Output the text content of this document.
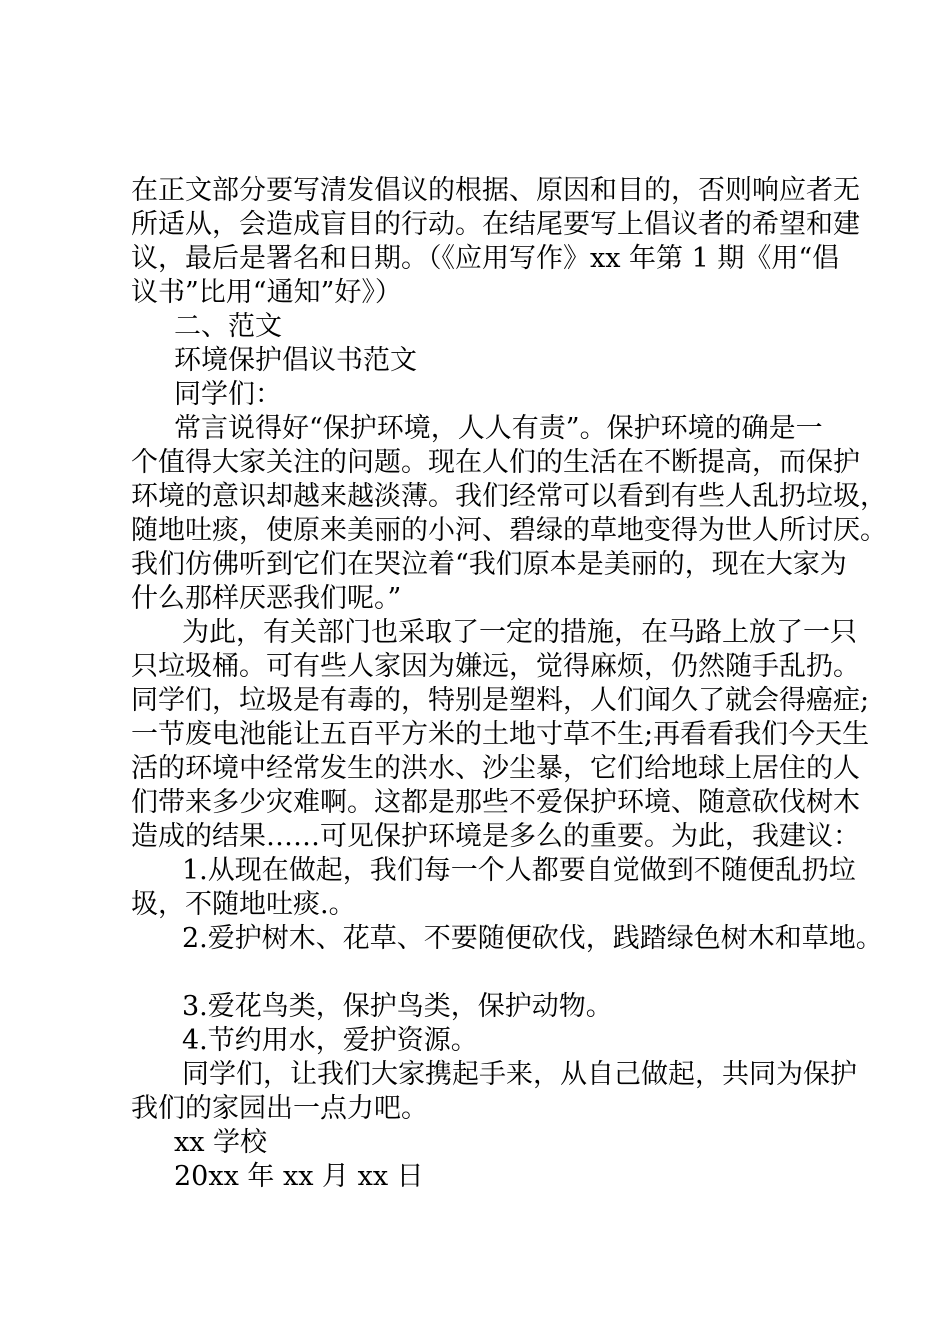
在正文部分要写清发倡议的根据、原因和目的，否则响应者无
所适从，会造成盲目的行动。在结尾要写上倡议者的希望和建
议，最后是署名和日期。（《应用写作》xx 年第 1 期《用“倡
议书”比用“通知”好》）
二、范文
环境保护倡议书范文
同学们：
常言说得好“保护环境，人人有责”。保护环境的确是一
个值得大家关注的问题。现在人们的生活在不断提高，而保护
环境的意识却越来越淡薄。我们经常可以看到有些人乱扔垃圾，
随地吐痰，使原来美丽的小河、碧绿的草地变得为世人所讨厌。
我们仿佛听到它们在哭泣着“我们原本是美丽的，现在大家为
什么那样厌恶我们呢。”
为此，有关部门也采取了一定的措施，在马路上放了一只
只垃圾桶。可有些人家因为嫌远，觉得麻烦，仍然随手乱扔。
同学们，垃圾是有毒的，特别是塑料，人们闻久了就会得癌症;
一节废电池能让五百平方米的土地寸草不生;再看看我们今天生
活的环境中经常发生的洪水、沙尘暴，它们给地球上居住的人
们带来多少灾难啊。这都是那些不爱保护环境、随意砍伐树木
造成的结果……可见保护环境是多么的重要。为此，我建议：
1.从现在做起，我们每一个人都要自觉做到不随便乱扔垃
圾，不随地吐痰.。
2.爱护树木、花草、不要随便砍伐，践踏绿色树木和草地。
3.爱花鸟类，保护鸟类，保护动物。
4.节约用水，爱护资源。
同学们，让我们大家携起手来，从自己做起，共同为保护
我们的家园出一点力吧。
xx 学校
20xx 年 xx 月 xx 日
